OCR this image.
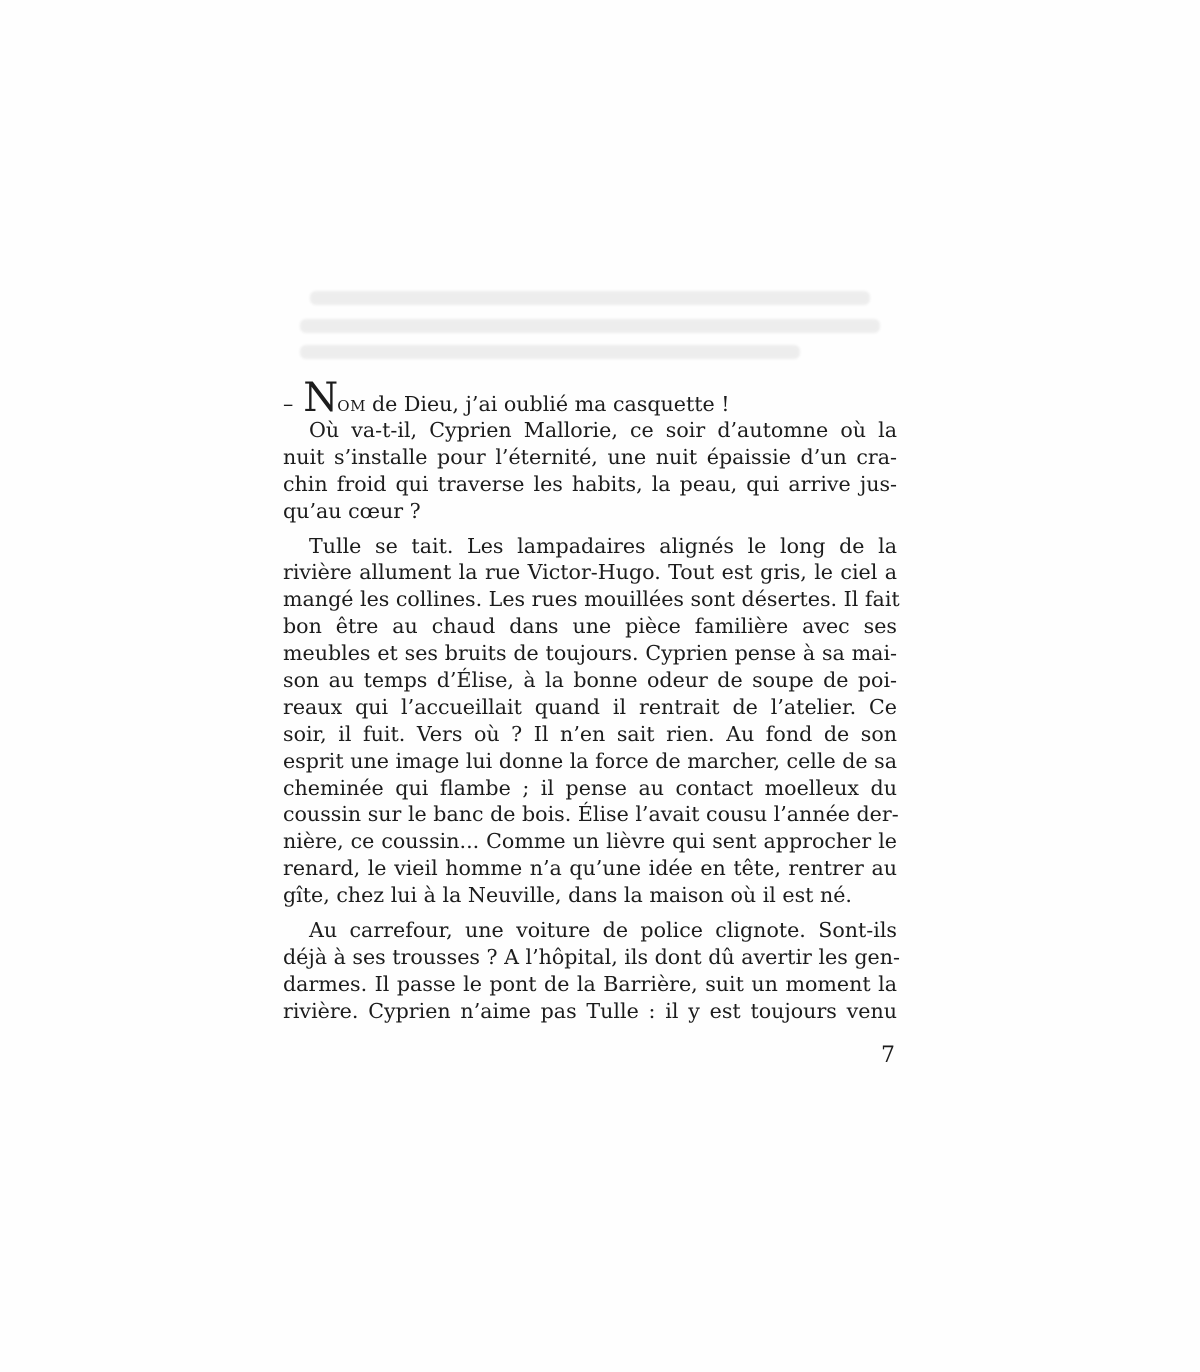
– NOM de Dieu, j’ai oublié ma casquette !
Où va-t-il, Cyprien Mallorie, ce soir d’automne où la
nuit s’installe pour l’éternité, une nuit épaissie d’un cra-
chin froid qui traverse les habits, la peau, qui arrive jus-
qu’au cœur ?
Tulle se tait. Les lampadaires alignés le long de la
rivière allument la rue Victor-Hugo. Tout est gris, le ciel a
mangé les collines. Les rues mouillées sont désertes. Il fait
bon être au chaud dans une pièce familière avec ses
meubles et ses bruits de toujours. Cyprien pense à sa mai-
son au temps d’Élise, à la bonne odeur de soupe de poi-
reaux qui l’accueillait quand il rentrait de l’atelier. Ce
soir, il fuit. Vers où ? Il n’en sait rien. Au fond de son
esprit une image lui donne la force de marcher, celle de sa
cheminée qui flambe ; il pense au contact moelleux du
coussin sur le banc de bois. Élise l’avait cousu l’année der-
nière, ce coussin... Comme un lièvre qui sent approcher le
renard, le vieil homme n’a qu’une idée en tête, rentrer au
gîte, chez lui à la Neuville, dans la maison où il est né.
Au carrefour, une voiture de police clignote. Sont-ils
déjà à ses trousses ? A l’hôpital, ils dont dû avertir les gen-
darmes. Il passe le pont de la Barrière, suit un moment la
rivière. Cyprien n’aime pas Tulle : il y est toujours venu
7
